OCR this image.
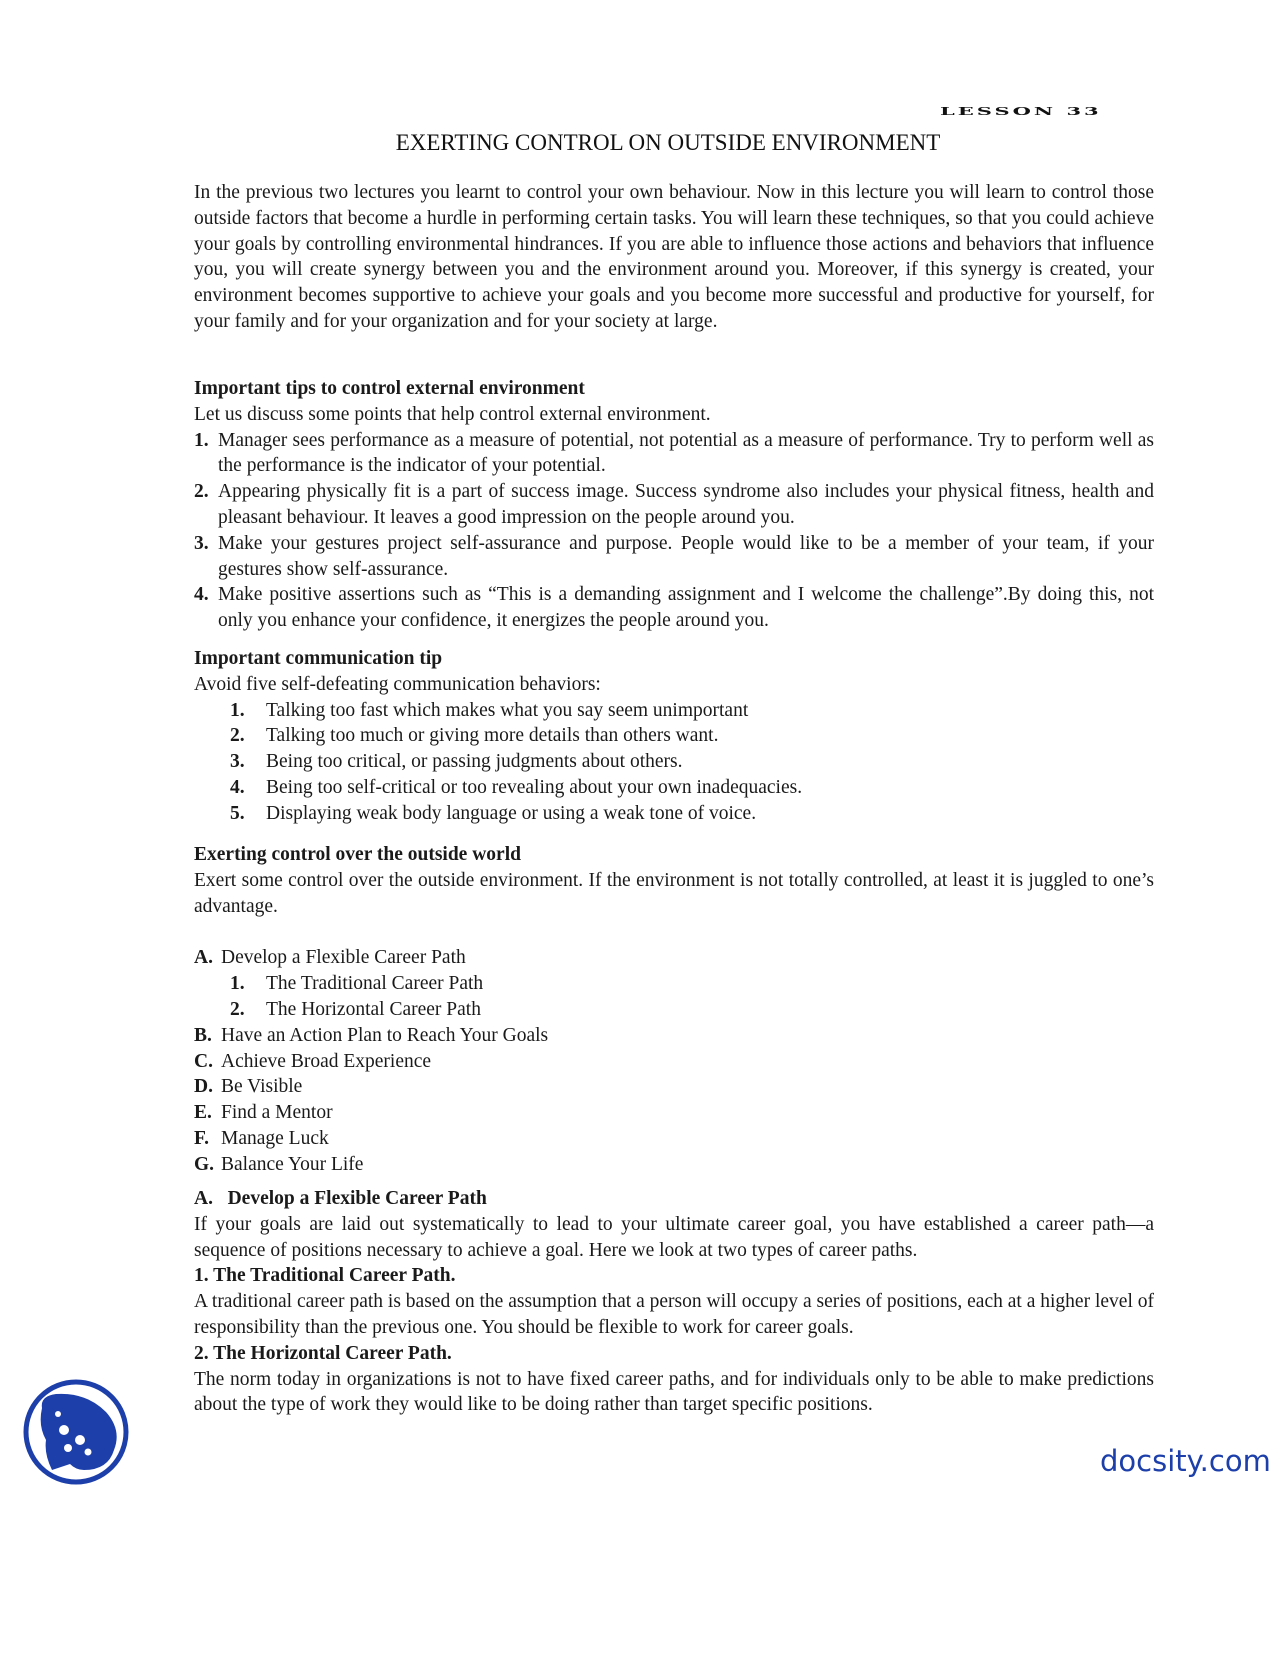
LESSON 33
EXERTING CONTROL ON OUTSIDE ENVIRONMENT

In the previous two lectures you learnt to control your own behaviour. Now in this lecture you will learn to control those outside factors that become a hurdle in performing certain tasks. You will learn these techniques, so that you could achieve your goals by controlling environmental hindrances. If you are able to influence those actions and behaviors that influence you, you will create synergy between you and the environment around you. Moreover, if this synergy is created, your environment becomes supportive to achieve your goals and you become more successful and productive for yourself, for your family and for your organization and for your society at large.

Important tips to control external environment
Let us discuss some points that help control external environment.
1. Manager sees performance as a measure of potential, not potential as a measure of performance. Try to perform well as the performance is the indicator of your potential.
2. Appearing physically fit is a part of success image. Success syndrome also includes your physical fitness, health and pleasant behaviour. It leaves a good impression on the people around you.
3. Make your gestures project self-assurance and purpose. People would like to be a member of your team, if your gestures show self-assurance.
4. Make positive assertions such as “This is a demanding assignment and I welcome the challenge”.By doing this, not only you enhance your confidence, it energizes the people around you.
Important communication tip
Avoid five self-defeating communication behaviors:
1.	Talking too fast which makes what you say seem unimportant
2.	Talking too much or giving more details than others want.
3.	Being too critical, or passing judgments about others.
4.	Being too self-critical or too revealing about your own inadequacies.
5.	Displaying weak body language or using a weak tone of voice.
Exerting control over the outside world

Exert some control over the outside environment. If the environment is not totally controlled, at least it is juggled to one’s advantage.

A. Develop a Flexible Career Path
1.	The Traditional Career Path
2.	The Horizontal Career Path
B. Have an Action Plan to Reach Your Goals
C. Achieve Broad Experience
D. Be Visible
E. Find a Mentor
F. Manage Luck
G. Balance Your Life
A.   Develop a Flexible Career Path

If your goals are laid out systematically to lead to your ultimate career goal, you have established a career path—a sequence of positions necessary to achieve a goal. Here we look at two types of career paths.

1. The Traditional Career Path.

A traditional career path is based on the assumption that a person will occupy a series of positions, each at a higher level of responsibility than the previous one. You should be flexible to work for career goals.

2. The Horizontal Career Path.

The norm today in organizations is not to have fixed career paths, and for individuals only to be able to make predictions about the type of work they would like to be doing rather than target specific positions.

docsity.com
